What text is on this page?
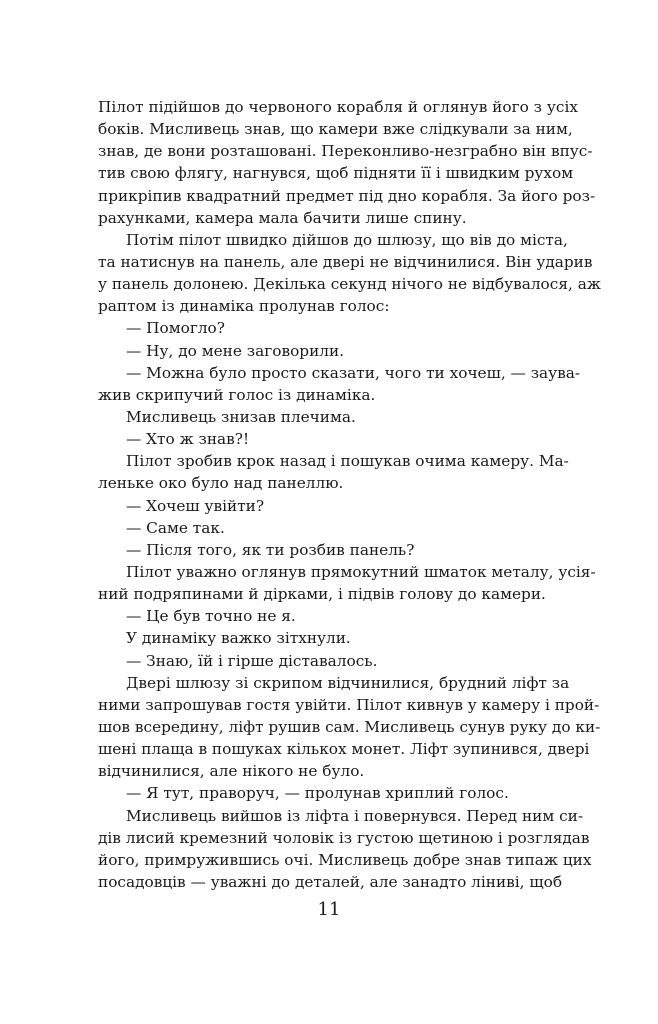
Пілот підійшов до червоного корабля й оглянув його з усіх
боків. Мисливець знав, що камери вже слідкували за ним,
знав, де вони розташовані. Переконливо-незграбно він впус-
тив свою флягу, нагнувся, щоб підняти її і швидким рухом
прикріпив квадратний предмет під дно корабля. За його роз-
рахунками, камера мала бачити лише спину.
Потім пілот швидко дійшов до шлюзу, що вів до міста,
та натиснув на панель, але двері не відчинилися. Він ударив
у панель долонею. Декілька секунд нічого не відбувалося, аж
раптом із динаміка пролунав голос:
— Помогло?
— Ну, до мене заговорили.
— Можна було просто сказати, чого ти хочеш, — заува-
жив скрипучий голос із динаміка.
Мисливець знизав плечима.
— Хто ж знав?!
Пілот зробив крок назад і пошукав очима камеру. Ма-
леньке око було над панеллю.
— Хочеш увійти?
— Саме так.
— Після того, як ти розбив панель?
Пілот уважно оглянув прямокутний шматок металу, усія-
ний подряпинами й дірками, і підвів голову до камери.
— Це був точно не я.
У динаміку важко зітхнули.
— Знаю, їй і гірше діставалось.
Двері шлюзу зі скрипом відчинилися, брудний ліфт за
ними запрошував гостя увійти. Пілот кивнув у камеру і прой-
шов всередину, ліфт рушив сам. Мисливець сунув руку до ки-
шені плаща в пошуках кількох монет. Ліфт зупинився, двері
відчинилися, але нікого не було.
— Я тут, праворуч, — пролунав хриплий голос.
Мисливець вийшов із ліфта і повернувся. Перед ним си-
дів лисий кремезний чоловік із густою щетиною і розглядав
його, примружившись очі. Мисливець добре знав типаж цих
посадовців — уважні до деталей, але занадто ліниві, щоб
11
